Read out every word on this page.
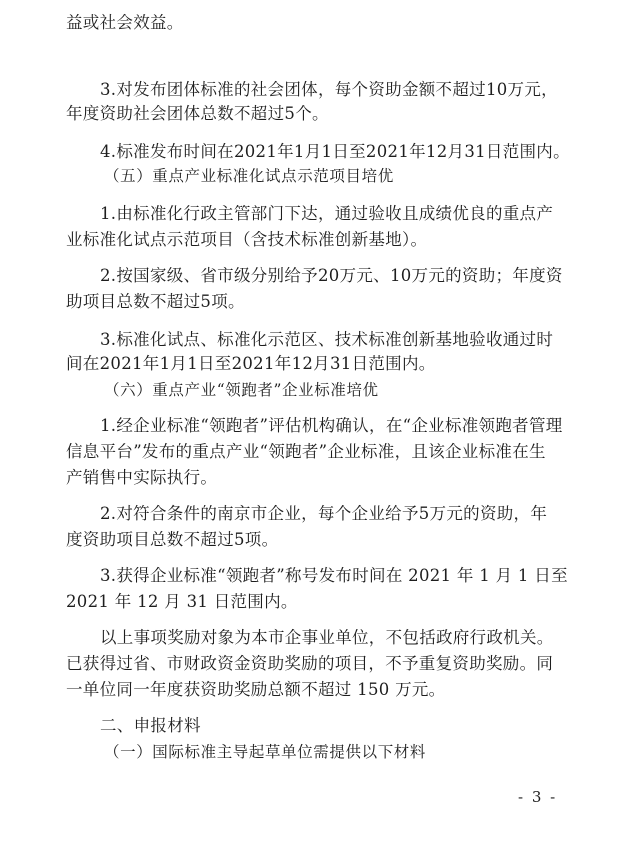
益或社会效益。
3.对发布团体标准的社会团体，每个资助金额不超过10万元，
年度资助社会团体总数不超过5个。
4.标准发布时间在2021年1月1日至2021年12月31日范围内。
（五）重点产业标准化试点示范项目培优
1.由标准化行政主管部门下达，通过验收且成绩优良的重点产
业标准化试点示范项目（含技术标准创新基地）。
2.按国家级、省市级分别给予20万元、10万元的资助；年度资
助项目总数不超过5项。
3.标准化试点、标准化示范区、技术标准创新基地验收通过时
间在2021年1月1日至2021年12月31日范围内。
（六）重点产业“领跑者”企业标准培优
1.经企业标准“领跑者”评估机构确认，在“企业标准领跑者管理
信息平台”发布的重点产业“领跑者”企业标准，且该企业标准在生
产销售中实际执行。
2.对符合条件的南京市企业，每个企业给予5万元的资助，年
度资助项目总数不超过5项。
3.获得企业标准“领跑者”称号发布时间在 2021 年 1 月 1 日至
2021 年 12 月 31 日范围内。
以上事项奖励对象为本市企事业单位，不包括政府行政机关。
已获得过省、市财政资金资助奖励的项目，不予重复资助奖励。同
一单位同一年度获资助奖励总额不超过 150 万元。
二、申报材料
（一）国际标准主导起草单位需提供以下材料
- 3 -
